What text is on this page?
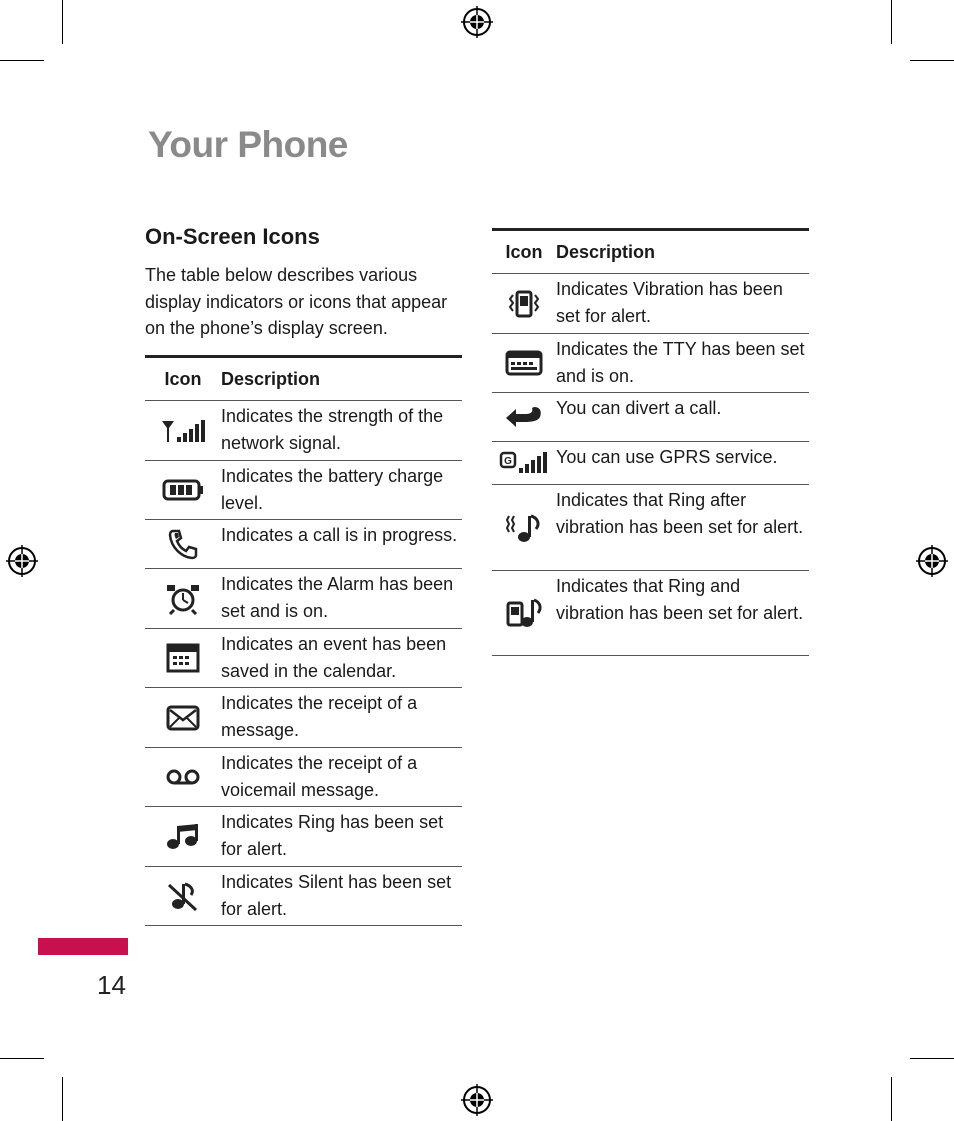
Your Phone
On-Screen Icons
The table below describes various display indicators or icons that appear on the phone’s display screen.
Icon	Description

	Indicates the strength of the network signal.

	Indicates the battery charge level.

	Indicates a call is in progress.

	Indicates the Alarm has been set and is on.

	Indicates an event has been saved in the calendar.

	Indicates the receipt of a message.

	Indicates the receipt of a voicemail message.

	Indicates Ring has been set for alert.

	Indicates Silent has been set for alert.
Icon	Description

	Indicates Vibration has been set for alert.

	Indicates the TTY has been set and is on.

	You can divert a call.

G	You can use GPRS service.

	Indicates that Ring after vibration has been set for alert.

	Indicates that Ring and vibration has been set for alert.
14
